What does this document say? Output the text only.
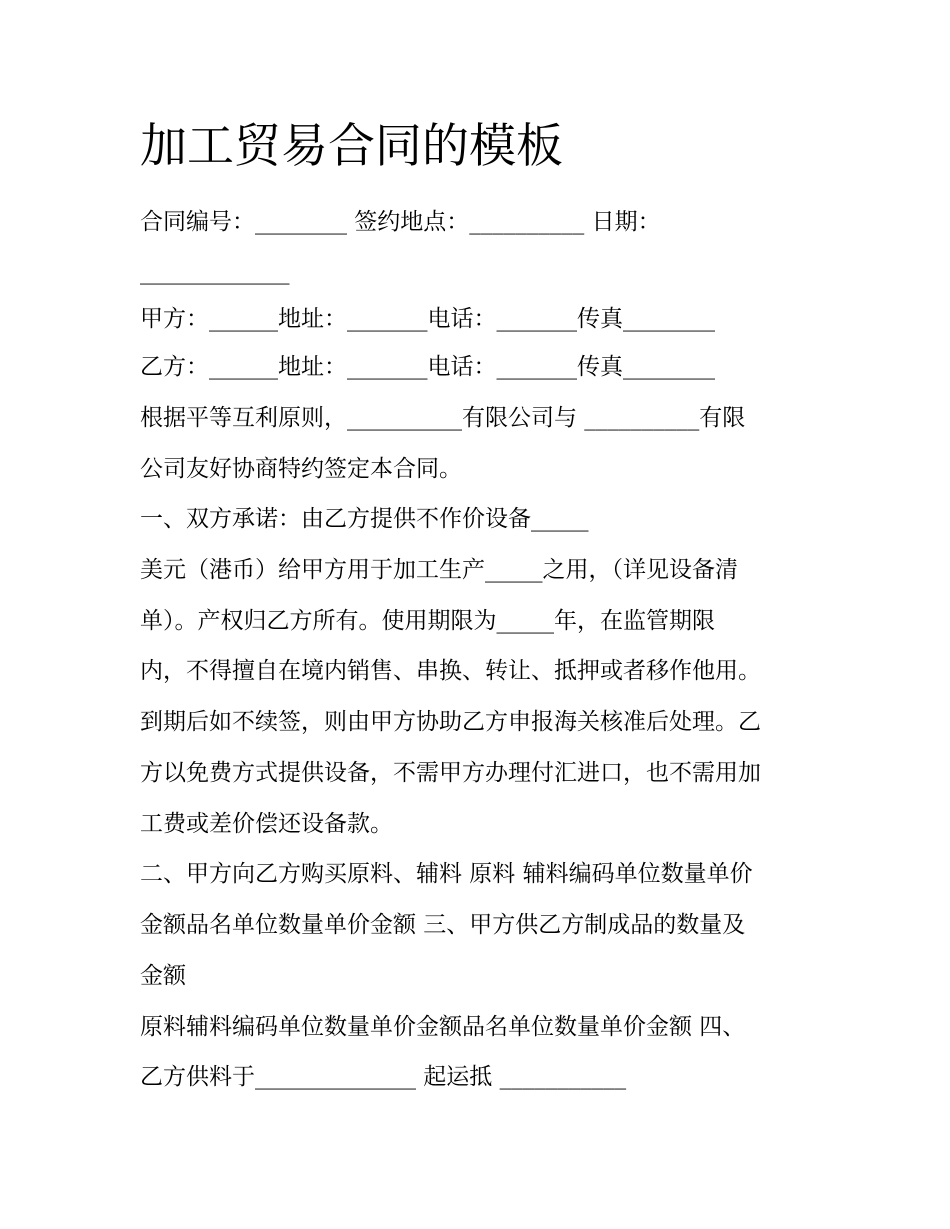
加工贸易合同的模板

合同编号：________ 签约地点：__________ 日期：

_____________

甲方：______地址：_______电话：_______传真________

乙方：______地址：_______电话：_______传真________

根据平等互利原则，__________有限公司与 __________有限

公司友好协商特约签定本合同。

一、双方承诺：由乙方提供不作价设备_____

美元（港币）给甲方用于加工生产_____之用，（详见设备清

单）。产权归乙方所有。使用期限为_____年，在监管期限

内，不得擅自在境内销售、串换、转让、抵押或者移作他用。

到期后如不续签，则由甲方协助乙方申报海关核准后处理。乙

方以免费方式提供设备，不需甲方办理付汇进口，也不需用加

工费或差价偿还设备款。

二、甲方向乙方购买原料、辅料 原料 辅料编码单位数量单价

金额品名单位数量单价金额 三、甲方供乙方制成品的数量及

金额

原料辅料编码单位数量单价金额品名单位数量单价金额 四、

乙方供料于______________ 起运抵 ___________
